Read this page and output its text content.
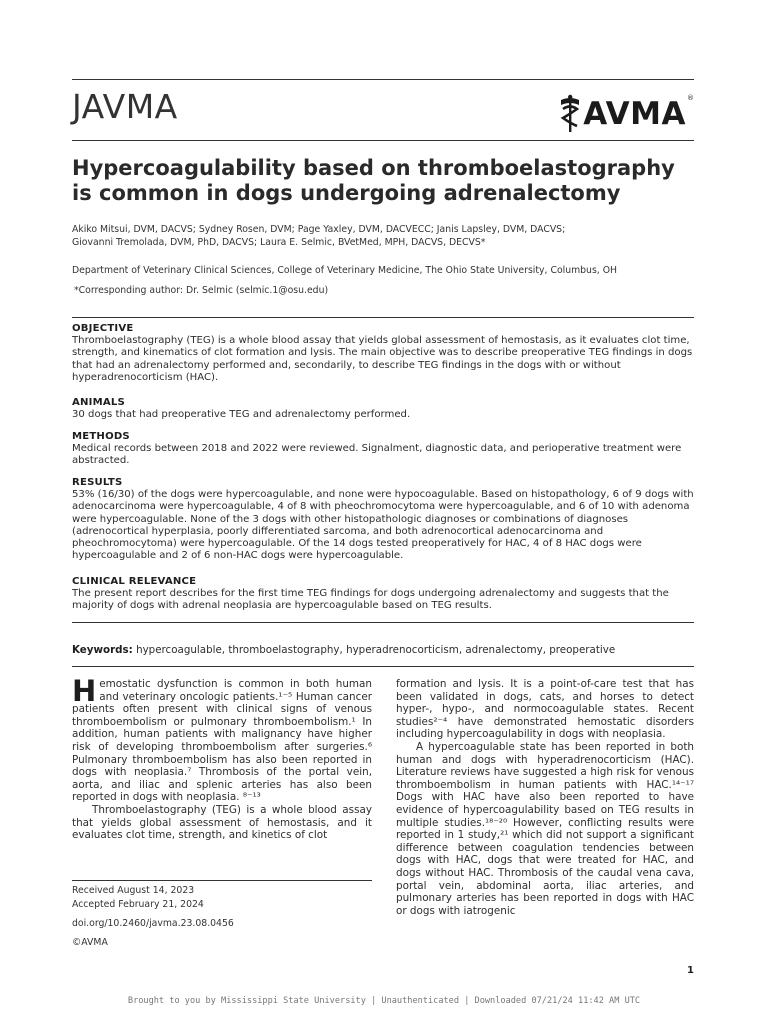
JAVMA	AVMA ®
Hypercoagulability based on thromboelastography
is common in dogs undergoing adrenalectomy
Akiko Mitsui, DVM, DACVS; Sydney Rosen, DVM; Page Yaxley, DVM, DACVECC; Janis Lapsley, DVM, DACVS;
Giovanni Tremolada, DVM, PhD, DACVS; Laura E. Selmic, BVetMed, MPH, DACVS, DECVS*
Department of Veterinary Clinical Sciences, College of Veterinary Medicine, The Ohio State University, Columbus, OH
*Corresponding author: Dr. Selmic (selmic.1@osu.edu)
OBJECTIVE
Thromboelastography (TEG) is a whole blood assay that yields global assessment of hemostasis, as it evaluates clot time, strength, and kinematics of clot formation and lysis. The main objective was to describe preoperative TEG findings in dogs that had an adrenalectomy performed and, secondarily, to describe TEG findings in the dogs with or without hyperadrenocorticism (HAC).
ANIMALS
30 dogs that had preoperative TEG and adrenalectomy performed.
METHODS
Medical records between 2018 and 2022 were reviewed. Signalment, diagnostic data, and perioperative treatment were abstracted.
RESULTS
53% (16/30) of the dogs were hypercoagulable, and none were hypocoagulable. Based on histopathology, 6 of 9 dogs with adenocarcinoma were hypercoagulable, 4 of 8 with pheochromocytoma were hypercoagulable, and 6 of 10 with adenoma were hypercoagulable. None of the 3 dogs with other histopathologic diagnoses or combinations of diagnoses (adrenocortical hyperplasia, poorly differentiated sarcoma, and both adrenocortical adenocarcinoma and pheochromocytoma) were hypercoagulable. Of the 14 dogs tested preoperatively for HAC, 4 of 8 HAC dogs were hypercoagulable and 2 of 6 non-HAC dogs were hypercoagulable.
CLINICAL RELEVANCE
The present report describes for the first time TEG findings for dogs undergoing adrenalectomy and suggests that the majority of dogs with adrenal neoplasia are hypercoagulable based on TEG results.
Keywords: hypercoagulable, thromboelastography, hyperadrenocorticism, adrenalectomy, preoperative
H emostatic dysfunction is common in both human and veterinary oncologic patients.¹⁻⁵ Human cancer patients often present with clinical signs of venous thromboembolism or pulmonary thromboembolism.¹ In addition, human patients with malignancy have higher risk of developing thromboembolism after surgeries.⁶ Pulmonary thromboembolism has also been reported in dogs with neoplasia.⁷ Thrombosis of the portal vein, aorta, and iliac and splenic arteries has also been reported in dogs with neoplasia. ⁸⁻¹³
Thromboelastography (TEG) is a whole blood assay that yields global assessment of hemostasis, and it evaluates clot time, strength, and kinetics of clot
Received August 14, 2023
Accepted February 21, 2024
doi.org/10.2460/javma.23.08.0456
©AVMA
formation and lysis. It is a point-of-care test that has been validated in dogs, cats, and horses to detect hyper-, hypo-, and normocoagulable states. Recent studies²⁻⁴ have demonstrated hemostatic disorders including hypercoagulability in dogs with neoplasia.
A hypercoagulable state has been reported in both human and dogs with hyperadrenocorticism (HAC). Literature reviews have suggested a high risk for venous thromboembolism in human patients with HAC.¹⁴⁻¹⁷ Dogs with HAC have also been reported to have evidence of hypercoagulability based on TEG results in multiple studies.¹⁸⁻²⁰ However, conflicting results were reported in 1 study,²¹ which did not support a significant difference between coagulation tendencies between dogs with HAC, dogs that were treated for HAC, and dogs without HAC. Thrombosis of the caudal vena cava, portal vein, abdominal aorta, iliac arteries, and pulmonary arteries has been reported in dogs with HAC or dogs with iatrogenic
1
Brought to you by Mississippi State University | Unauthenticated | Downloaded 07/21/24 11:42 AM UTC
